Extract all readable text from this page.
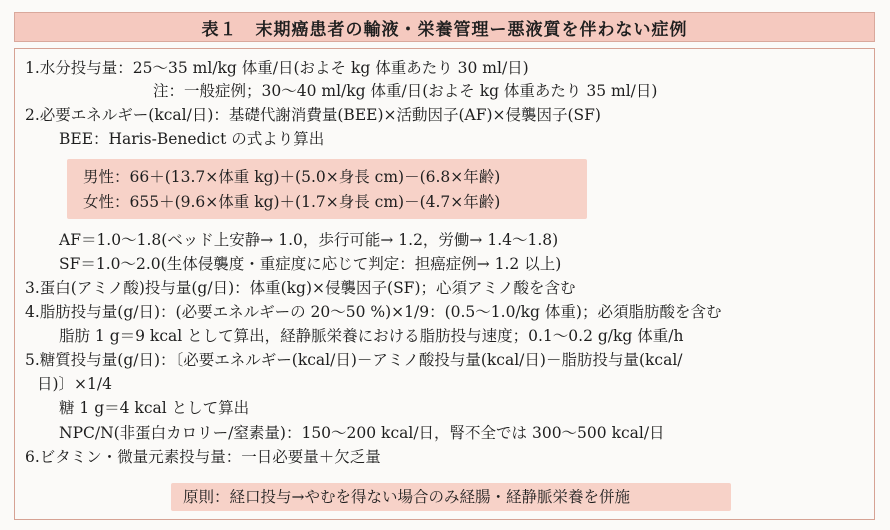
表１　末期癌患者の輸液・栄養管理ー悪液質を伴わない症例
1.水分投与量：25～35 ml/kg 体重/日(およそ kg 体重あたり 30 ml/日)
注：一般症例；30～40 ml/kg 体重/日(およそ kg 体重あたり 35 ml/日)
2.必要エネルギー(kcal/日)：基礎代謝消費量(BEE)×活動因子(AF)×侵襲因子(SF)
BEE：Haris-Benedict の式より算出
男性：66＋(13.7×体重 kg)＋(5.0×身長 cm)－(6.8×年齢)
女性：655＋(9.6×体重 kg)＋(1.7×身長 cm)－(4.7×年齢)
AF＝1.0～1.8(ベッド上安静→ 1.0，歩行可能→ 1.2，労働→ 1.4～1.8)
SF＝1.0～2.0(生体侵襲度・重症度に応じて判定：担癌症例→ 1.2 以上)
3.蛋白(アミノ酸)投与量(g/日)：体重(kg)×侵襲因子(SF)；心須アミノ酸を含む
4.脂肪投与量(g/日)：(必要エネルギーの 20～50 %)×1/9：(0.5～1.0/kg 体重)；必須脂肪酸を含む
脂肪 1 g＝9 kcal として算出，経静脈栄養における脂肪投与速度；0.1～0.2 g/kg 体重/h
5.糖質投与量(g/日)：〔必要エネルギー(kcal/日)－アミノ酸投与量(kcal/日)－脂肪投与量(kcal/
日)〕×1/4
糖 1 g＝4 kcal として算出
NPC/N(非蛋白カロリー/窒素量)：150～200 kcal/日，腎不全では 300～500 kcal/日
6.ビタミン・微量元素投与量：一日必要量＋欠乏量
原則：経口投与→やむを得ない場合のみ経腸・経静脈栄養を併施
